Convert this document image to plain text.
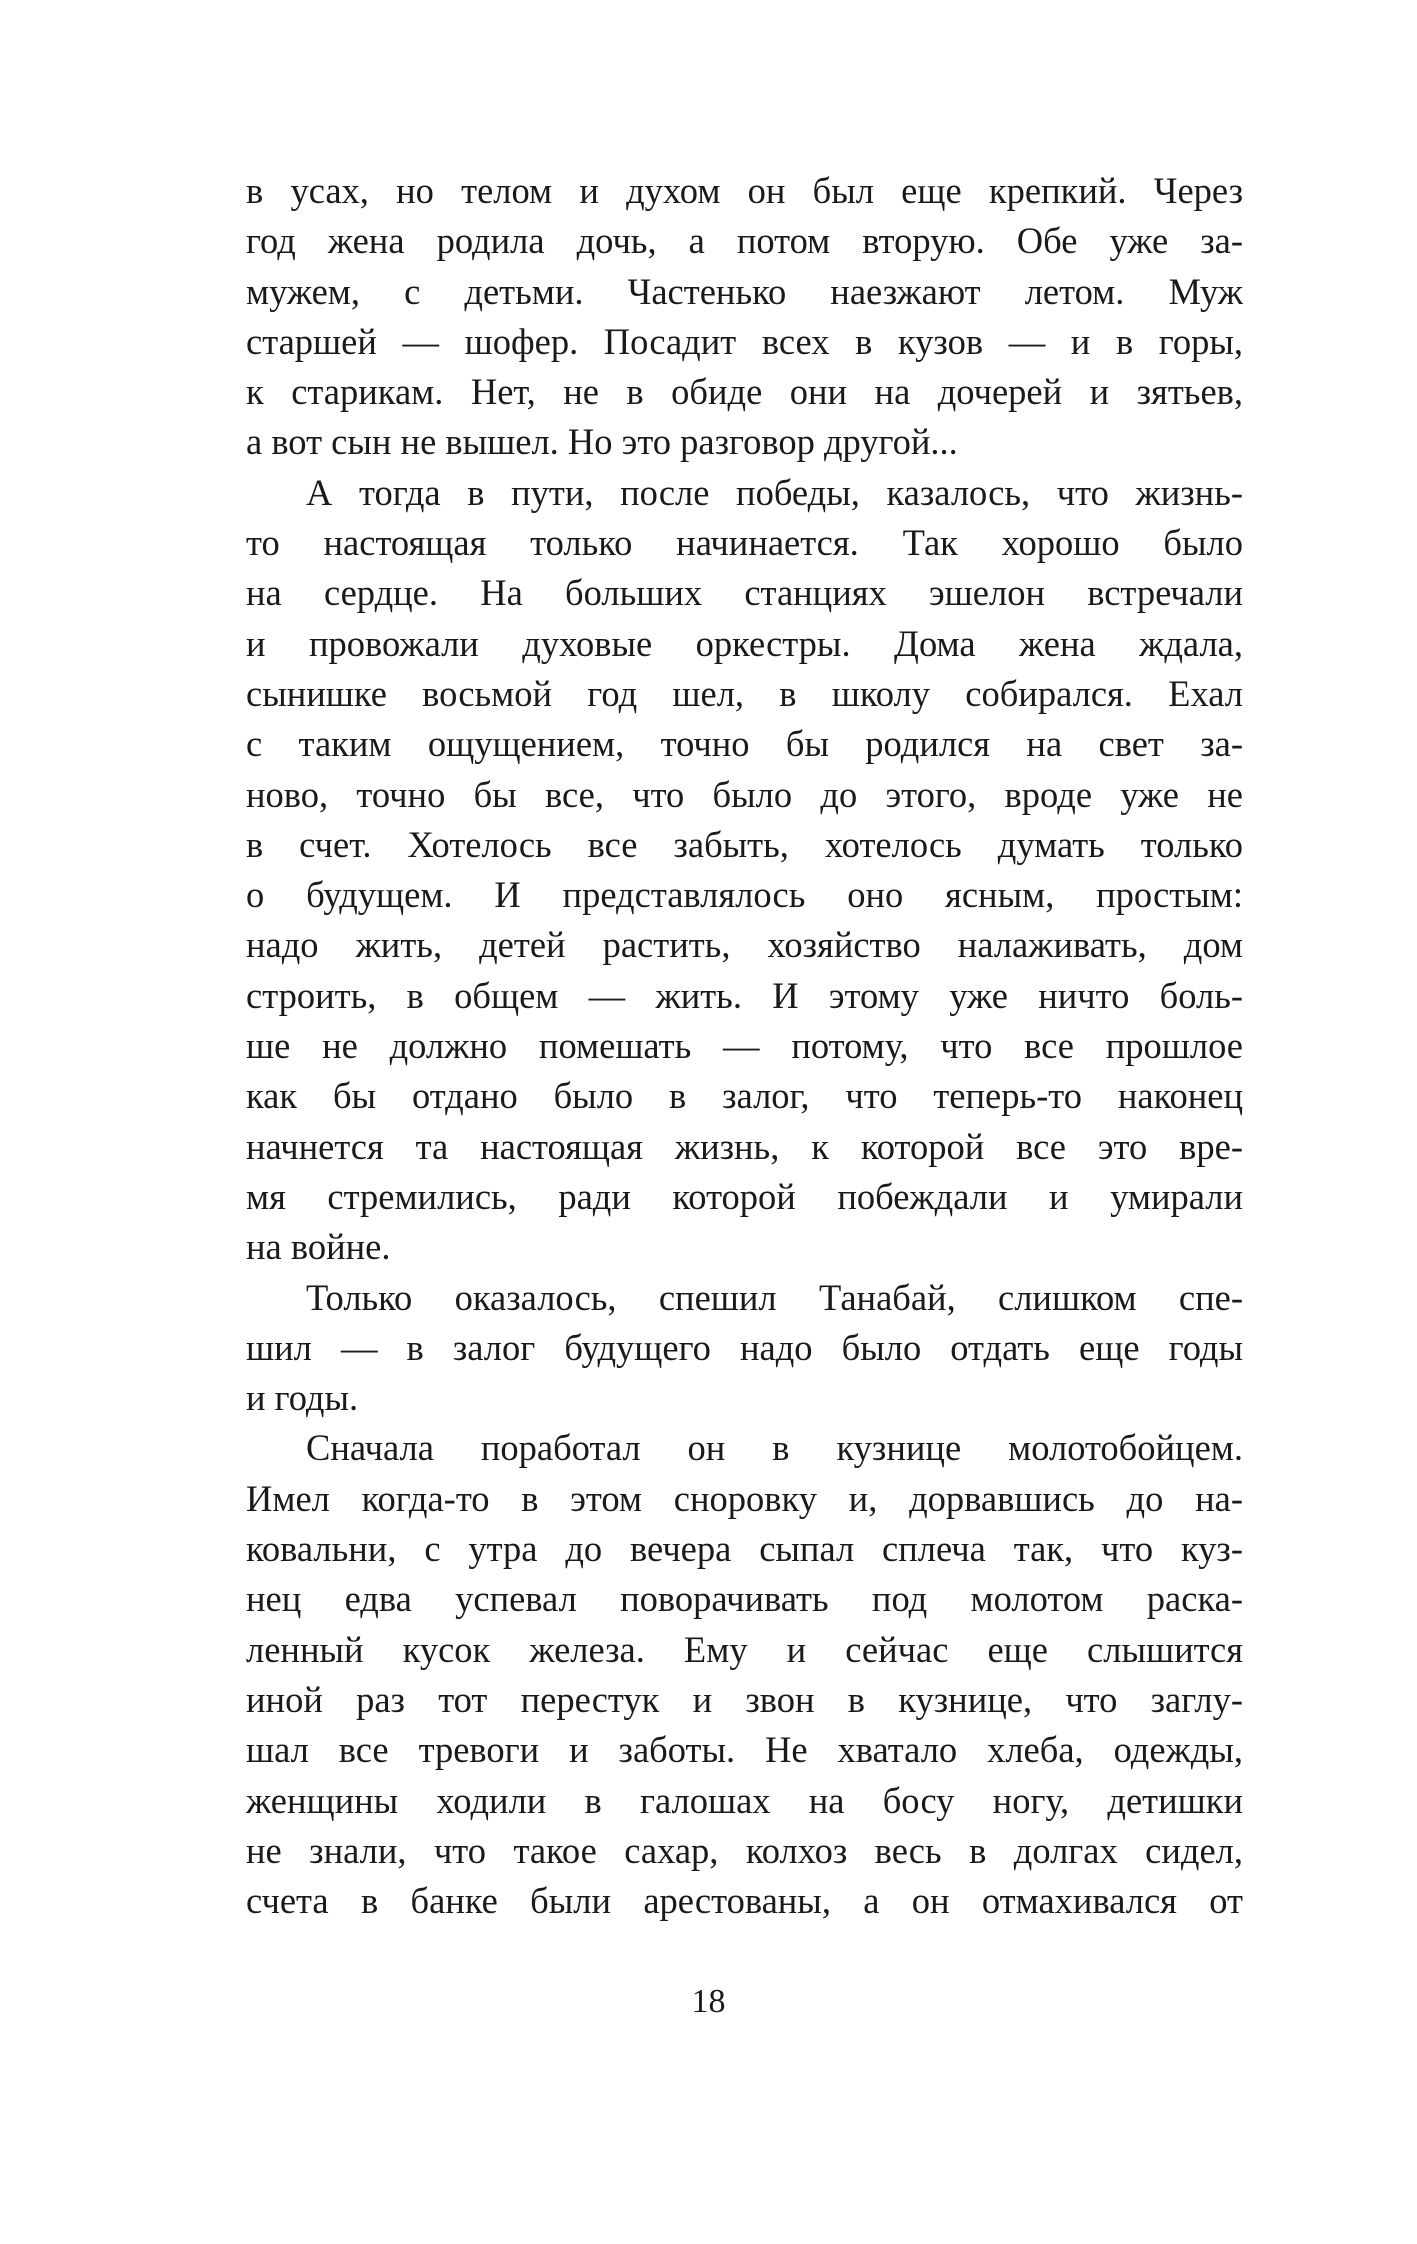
в усах, но телом и духом он был еще крепкий. Через
год жена родила дочь, а потом вторую. Обе уже за-
мужем, с детьми. Частенько наезжают летом. Муж
старшей — шофер. Посадит всех в кузов — и в горы,
к старикам. Нет, не в обиде они на дочерей и зятьев,
а вот сын не вышел. Но это разговор другой...
А тогда в пути, после победы, казалось, что жизнь-
то настоящая только начинается. Так хорошо было
на сердце. На больших станциях эшелон встречали
и провожали духовые оркестры. Дома жена ждала,
сынишке восьмой год шел, в школу собирался. Ехал
с таким ощущением, точно бы родился на свет за-
ново, точно бы все, что было до этого, вроде уже не
в счет. Хотелось все забыть, хотелось думать только
о будущем. И представлялось оно ясным, простым:
надо жить, детей растить, хозяйство налаживать, дом
строить, в общем — жить. И этому уже ничто боль-
ше не должно помешать — потому, что все прошлое
как бы отдано было в залог, что теперь-то наконец
начнется та настоящая жизнь, к которой все это вре-
мя стремились, ради которой побеждали и умирали
на войне.
Только оказалось, спешил Танабай, слишком спе-
шил — в залог будущего надо было отдать еще годы
и годы.
Сначала поработал он в кузнице молотобойцем.
Имел когда-то в этом сноровку и, дорвавшись до на-
ковальни, с утра до вечера сыпал сплеча так, что куз-
нец едва успевал поворачивать под молотом раска-
ленный кусок железа. Ему и сейчас еще слышится
иной раз тот перестук и звон в кузнице, что заглу-
шал все тревоги и заботы. Не хватало хлеба, одежды,
женщины ходили в галошах на босу ногу, детишки
не знали, что такое сахар, колхоз весь в долгах сидел,
счета в банке были арестованы, а он отмахивался от
18
